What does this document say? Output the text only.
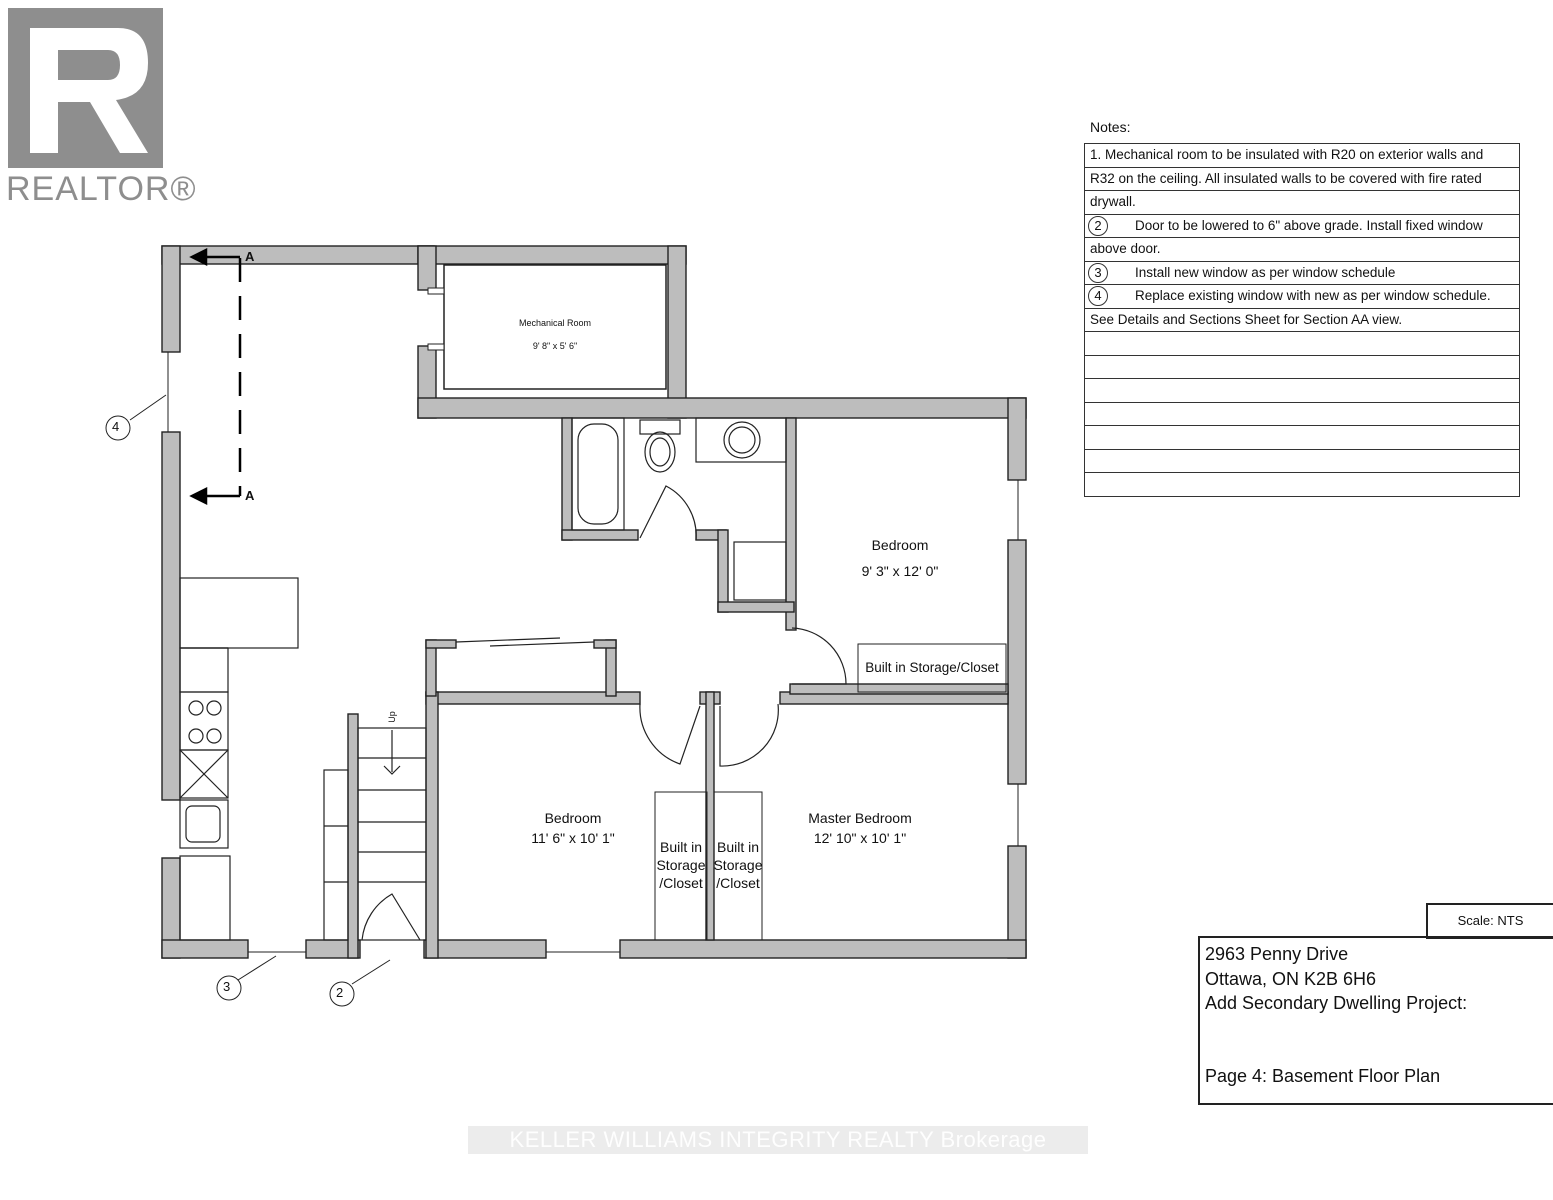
REALTOR®
A
A
4
3	2
Mechanical Room
9' 8" x 5' 6"
Bedroom
9' 3" x 12' 0"
Bedroom
11' 6" x 10' 1"
Master Bedroom
12' 10" x 10' 1"
Built in Storage/Closet
Built in
Storage
/Closet
Built in
Storage
/Closet
Up
Notes:
1. Mechanical room to be insulated with R20 on exterior walls and
R32 on the ceiling. All insulated walls to be covered with fire rated
drywall.
2	Door to be lowered to 6" above grade. Install fixed window
above door.
3	Install new window as per window schedule
4	Replace existing window with new as per window schedule.
See Details and Sections Sheet for Section AA view.
Scale: NTS
2963 Penny Drive
Ottawa, ON K2B 6H6
Add Secondary Dwelling Project:
Page 4: Basement Floor Plan
KELLER WILLIAMS INTEGRITY REALTY Brokerage
